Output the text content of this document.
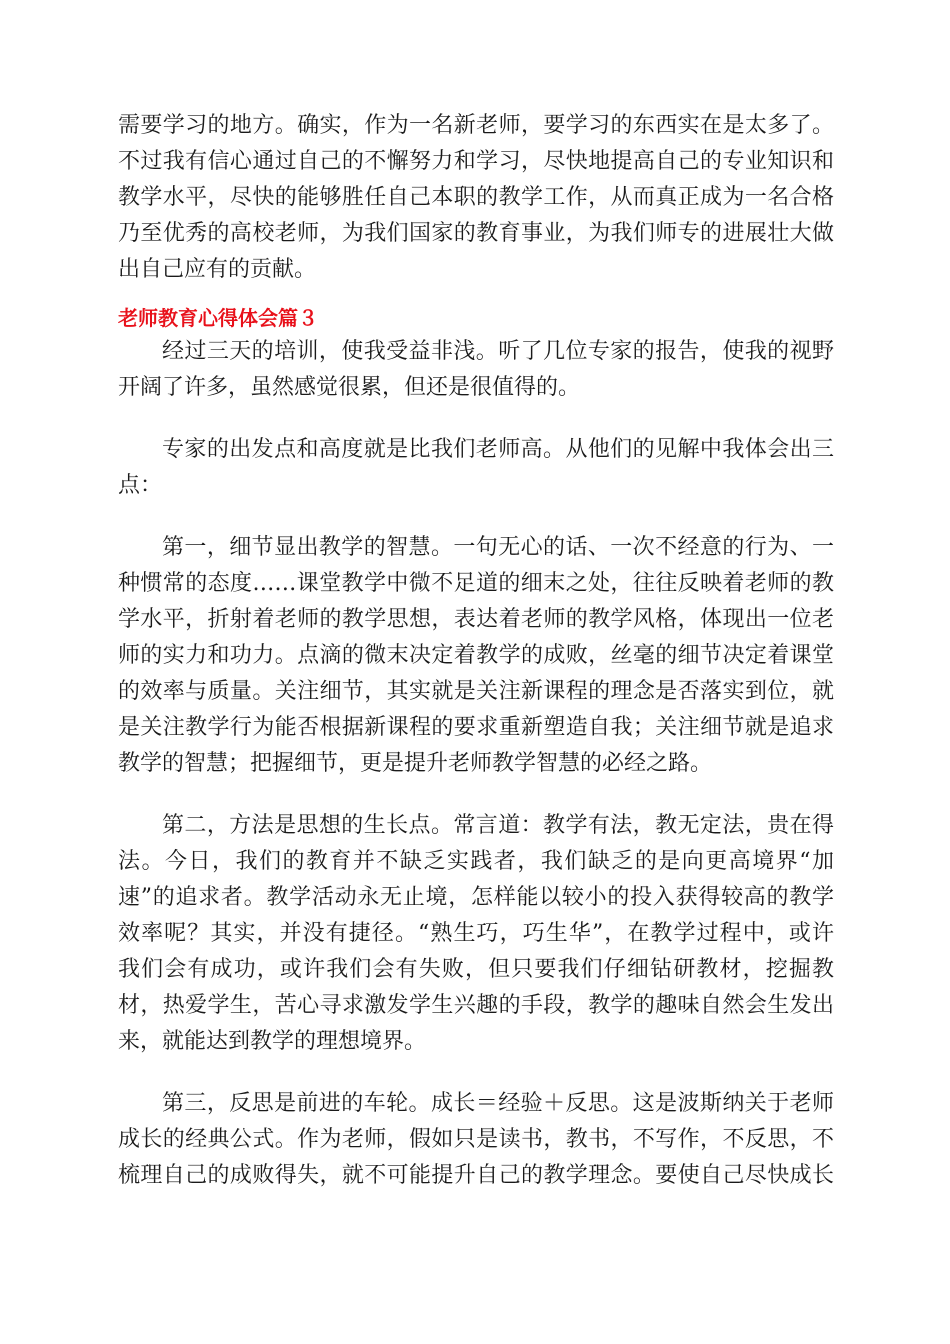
需要学习的地方。确实，作为一名新老师，要学习的东西实在是太多了。
不过我有信心通过自己的不懈努力和学习，尽快地提高自己的专业知识和
教学水平，尽快的能够胜任自己本职的教学工作，从而真正成为一名合格
乃至优秀的高校老师，为我们国家的教育事业，为我们师专的进展壮大做
出自己应有的贡献。
老师教育心得体会篇３
经过三天的培训，使我受益非浅。听了几位专家的报告，使我的视野
开阔了许多，虽然感觉很累，但还是很值得的。
专家的出发点和高度就是比我们老师高。从他们的见解中我体会出三
点：
第一，细节显出教学的智慧。一句无心的话、一次不经意的行为、一
种惯常的态度……课堂教学中微不足道的细末之处，往往反映着老师的教
学水平，折射着老师的教学思想，表达着老师的教学风格，体现出一位老
师的实力和功力。点滴的微末决定着教学的成败，丝毫的细节决定着课堂
的效率与质量。关注细节，其实就是关注新课程的理念是否落实到位，就
是关注教学行为能否根据新课程的要求重新塑造自我；关注细节就是追求
教学的智慧；把握细节，更是提升老师教学智慧的必经之路。
第二，方法是思想的生长点。常言道：教学有法，教无定法，贵在得
法。今日，我们的教育并不缺乏实践者，我们缺乏的是向更高境界“加
速”的追求者。教学活动永无止境，怎样能以较小的投入获得较高的教学
效率呢？其实，并没有捷径。“熟生巧，巧生华”，在教学过程中，或许
我们会有成功，或许我们会有失败，但只要我们仔细钻研教材，挖掘教
材，热爱学生，苦心寻求激发学生兴趣的手段，教学的趣味自然会生发出
来，就能达到教学的理想境界。
第三，反思是前进的车轮。成长＝经验＋反思。这是波斯纳关于老师
成长的经典公式。作为老师，假如只是读书，教书，不写作，不反思，不
梳理自己的成败得失，就不可能提升自己的教学理念。要使自己尽快成长
